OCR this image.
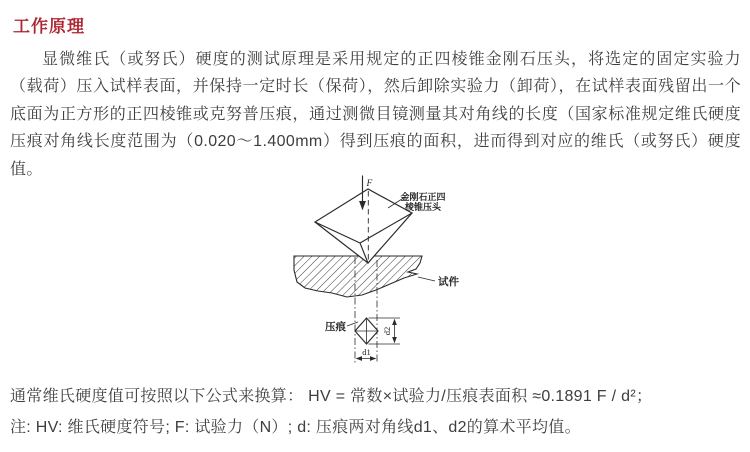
工作原理
显微维氏（或努氏）硬度的测试原理是采用规定的正四棱锥金刚石压头，将选定的固定实验力（载荷）压入试样表面，并保持一定时长（保荷），然后卸除实验力（卸荷），在试样表面残留出一个底面为正方形的正四棱锥或克努普压痕，通过测微目镜测量其对角线的长度（国家标准规定维氏硬度压痕对角线长度范围为（0.020～1.400mm）得到压痕的面积，进而得到对应的维氏（或努氏）硬度值。
F
金刚石正四
棱锥压头
试件
压痕	d2
d1
通常维氏硬度值可按照以下公式来换算： HV = 常数×试验力/压痕表面积 ≈0.1891 F / d²；
注: HV: 维氏硬度符号; F: 试验力（N）; d: 压痕两对角线d1、d2的算术平均值。
